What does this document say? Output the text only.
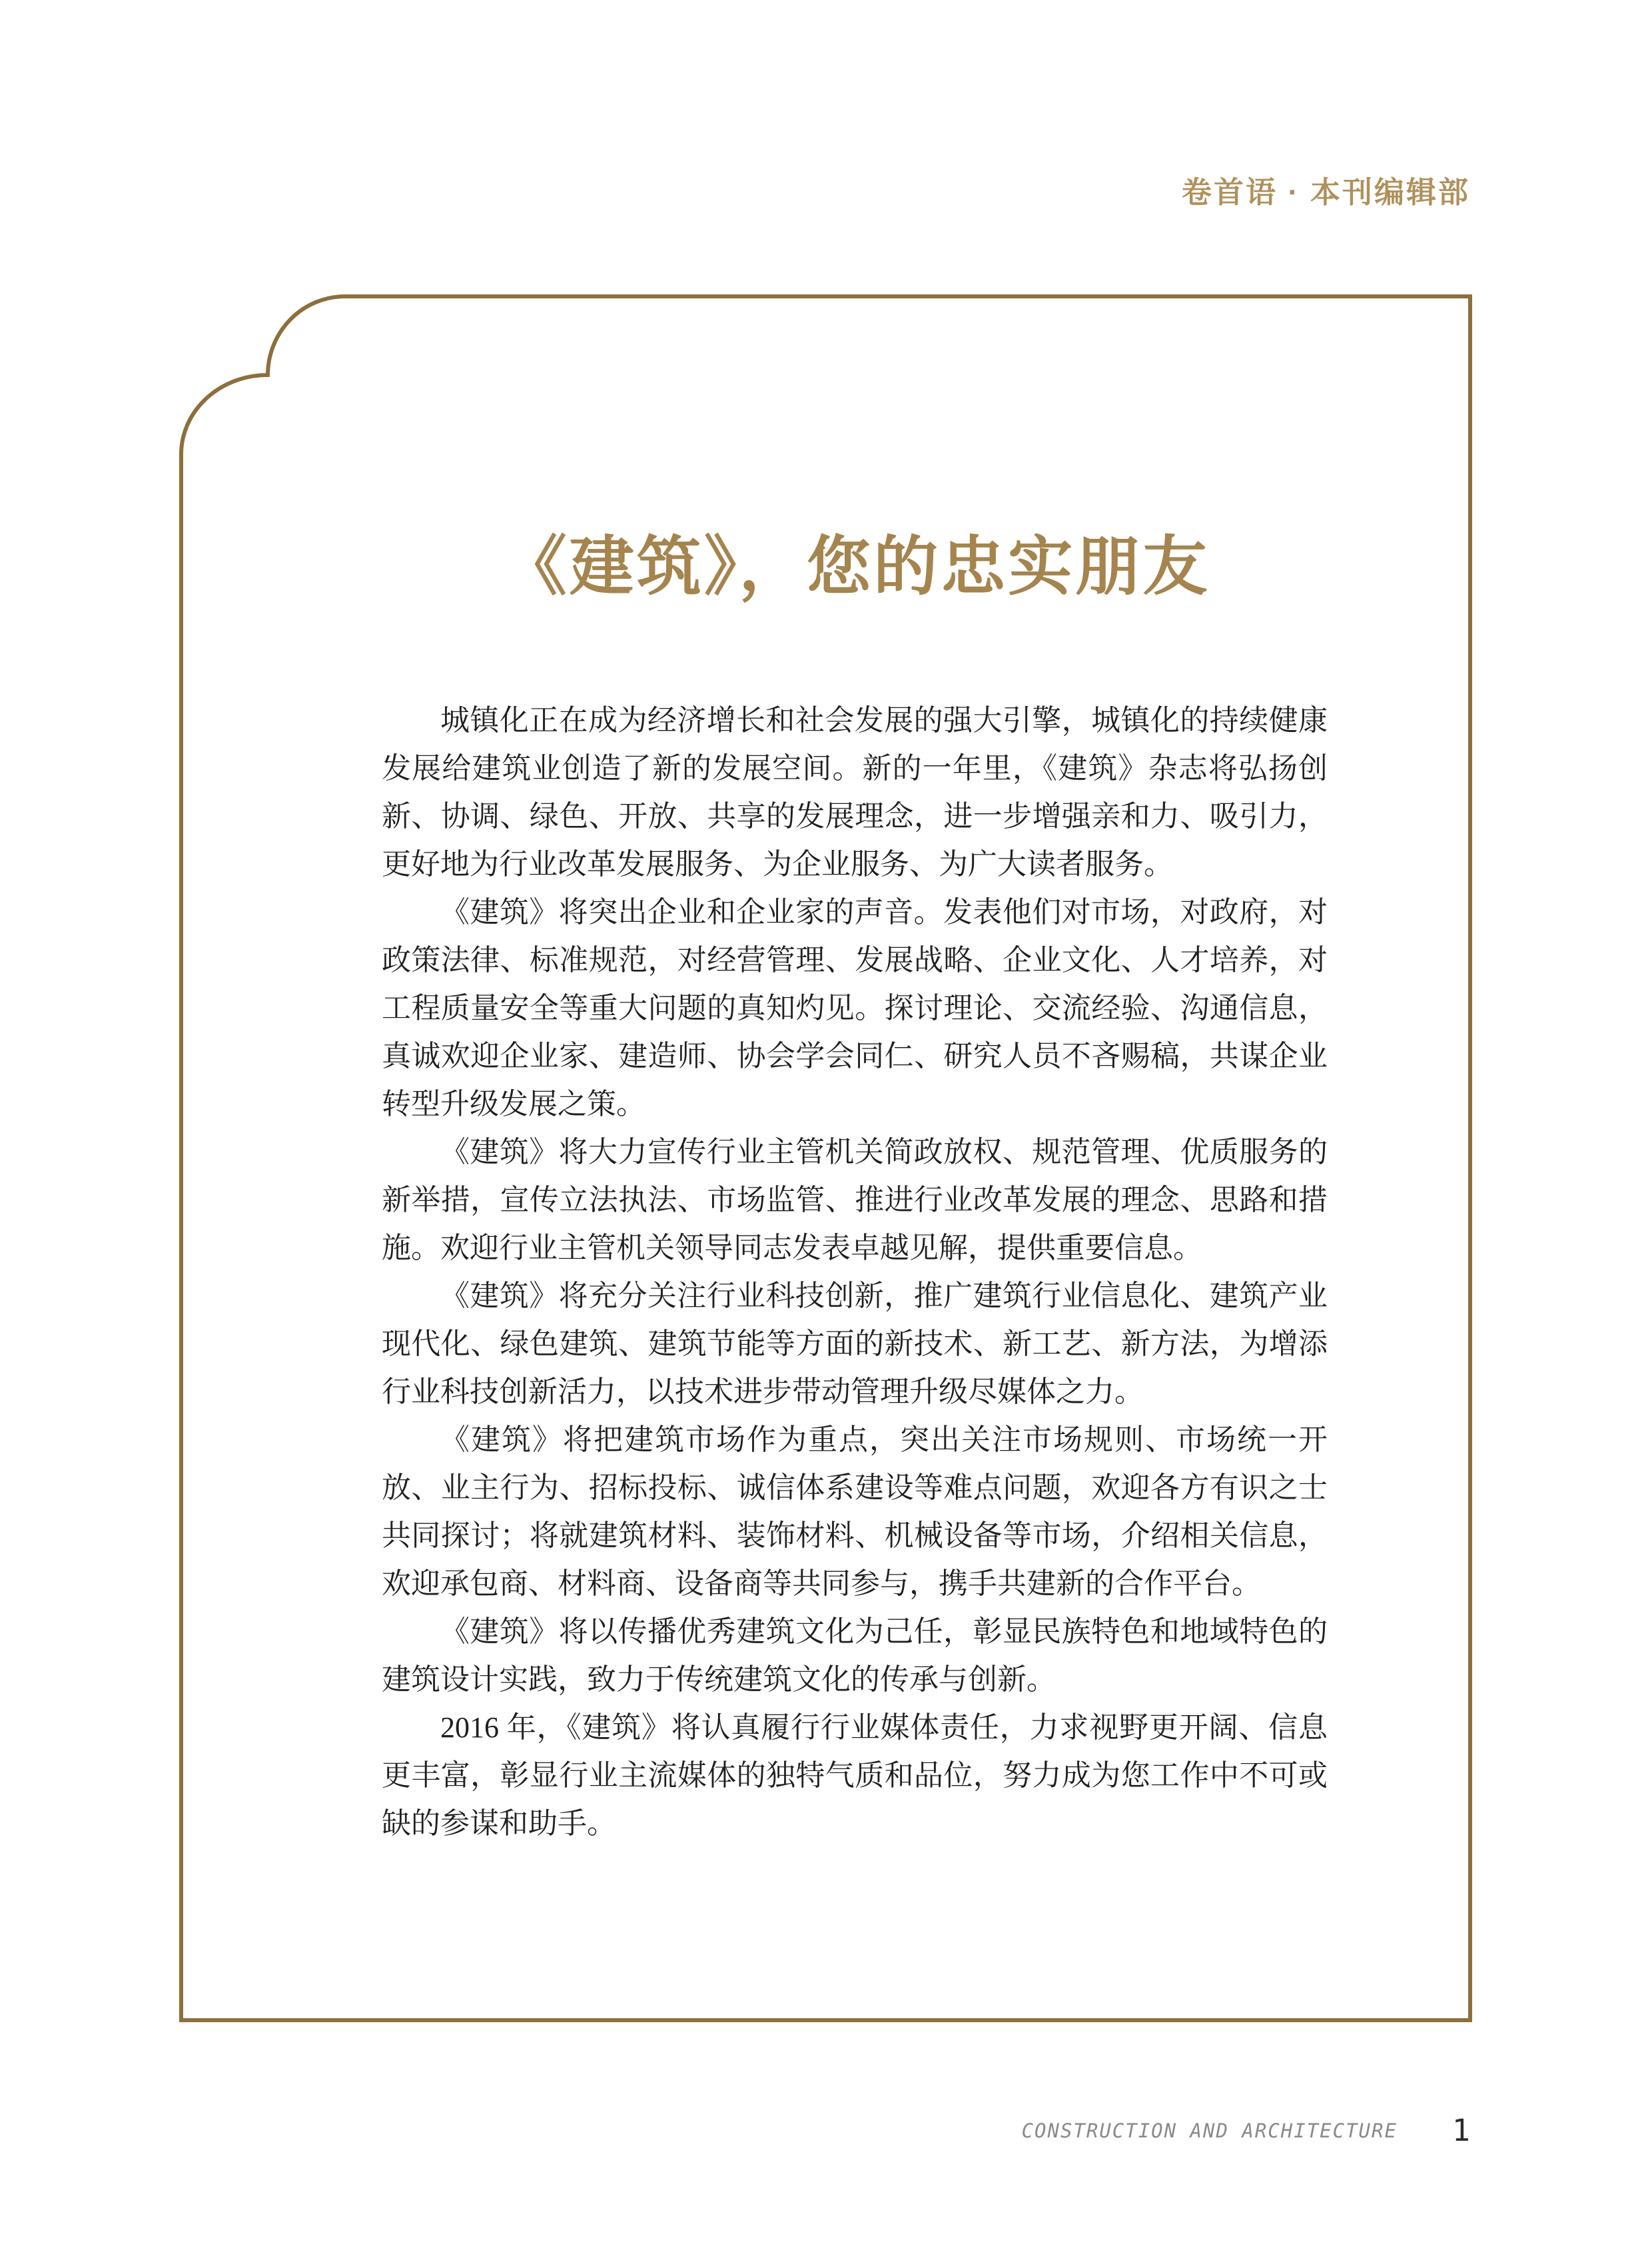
卷首语 · 本刊编辑部
《建筑》，您的忠实朋友

城镇化正在成为经济增长和社会发展的强大引擎，城镇化的持续健康发展给建筑业创造了新的发展空间。新的一年里，《建筑》杂志将弘扬创新、协调、绿色、开放、共享的发展理念，进一步增强亲和力、吸引力，更好地为行业改革发展服务、为企业服务、为广大读者服务。

《建筑》将突出企业和企业家的声音。发表他们对市场，对政府，对政策法律、标准规范，对经营管理、发展战略、企业文化、人才培养，对工程质量安全等重大问题的真知灼见。探讨理论、交流经验、沟通信息，真诚欢迎企业家、建造师、协会学会同仁、研究人员不吝赐稿，共谋企业转型升级发展之策。

《建筑》将大力宣传行业主管机关简政放权、规范管理、优质服务的新举措，宣传立法执法、市场监管、推进行业改革发展的理念、思路和措施。欢迎行业主管机关领导同志发表卓越见解，提供重要信息。

《建筑》将充分关注行业科技创新，推广建筑行业信息化、建筑产业现代化、绿色建筑、建筑节能等方面的新技术、新工艺、新方法，为增添行业科技创新活力，以技术进步带动管理升级尽媒体之力。

《建筑》将把建筑市场作为重点，突出关注市场规则、市场统一开放、业主行为、招标投标、诚信体系建设等难点问题，欢迎各方有识之士共同探讨；将就建筑材料、装饰材料、机械设备等市场，介绍相关信息，欢迎承包商、材料商、设备商等共同参与，携手共建新的合作平台。

《建筑》将以传播优秀建筑文化为己任，彰显民族特色和地域特色的建筑设计实践，致力于传统建筑文化的传承与创新。

2016 年，《建筑》将认真履行行业媒体责任，力求视野更开阔、信息更丰富，彰显行业主流媒体的独特气质和品位，努力成为您工作中不可或缺的参谋和助手。

CONSTRUCTION AND ARCHITECTURE 1
